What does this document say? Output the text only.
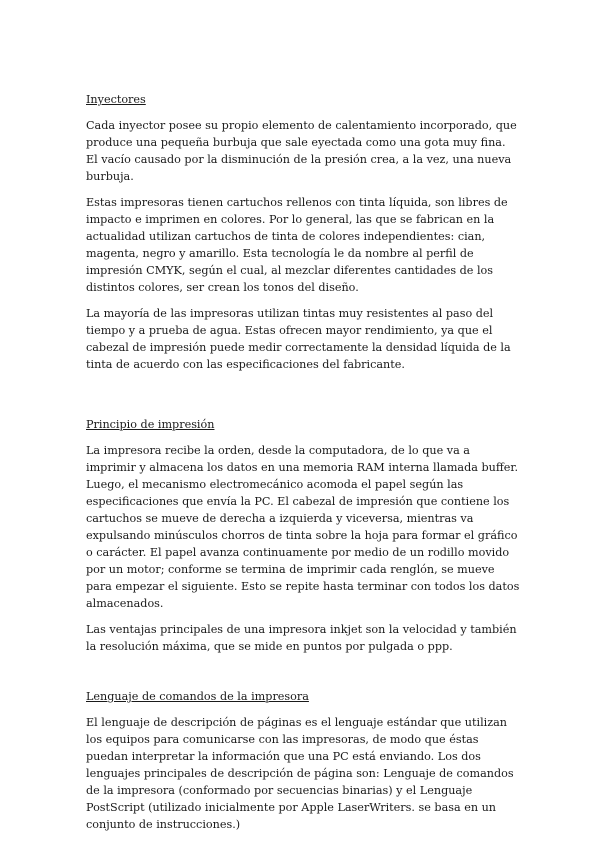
Inyectores

Cada inyector posee su propio elemento de calentamiento incorporado, que produce una pequeña burbuja que sale eyectada como una gota muy fina. El vacío causado por la disminución de la presión crea, a la vez, una nueva burbuja.

Estas impresoras tienen cartuchos rellenos con tinta líquida, son libres de impacto e imprimen en colores. Por lo general, las que se fabrican en la actualidad utilizan cartuchos de tinta de colores independientes: cian, magenta, negro y amarillo. Esta tecnología le da nombre al perfil de impresión CMYK, según el cual, al mezclar diferentes cantidades de los distintos colores, ser crean los tonos del diseño.

La mayoría de las impresoras utilizan tintas muy resistentes al paso del tiempo y a prueba de agua. Estas ofrecen mayor rendimiento, ya que el cabezal de impresión puede medir correctamente la densidad líquida de la tinta de acuerdo con las especificaciones del fabricante.

Principio de impresión

La impresora recibe la orden, desde la computadora, de lo que va a imprimir y almacena los datos en una memoria RAM interna llamada buffer. Luego, el mecanismo electromecánico acomoda el papel según las especificaciones que envía la PC. El cabezal de impresión que contiene los cartuchos se mueve de derecha a izquierda y viceversa, mientras va expulsando minúsculos chorros de tinta sobre la hoja para formar el gráfico o carácter. El papel avanza continuamente por medio de un rodillo movido por un motor; conforme se termina de imprimir cada renglón, se mueve para empezar el siguiente. Esto se repite hasta terminar con todos los datos almacenados.

Las ventajas principales de una impresora inkjet son la velocidad y también la resolución máxima, que se mide en puntos por pulgada o ppp.

Lenguaje de comandos de la impresora

El lenguaje de descripción de páginas es el lenguaje estándar que utilizan los equipos para comunicarse con las impresoras, de modo que éstas puedan interpretar la información que una PC está enviando. Los dos lenguajes principales de descripción de página son: Lenguaje de comandos de la impresora (conformado por secuencias binarias) y el Lenguaje PostScript (utilizado inicialmente por Apple LaserWriters. se basa en un conjunto de instrucciones.)
